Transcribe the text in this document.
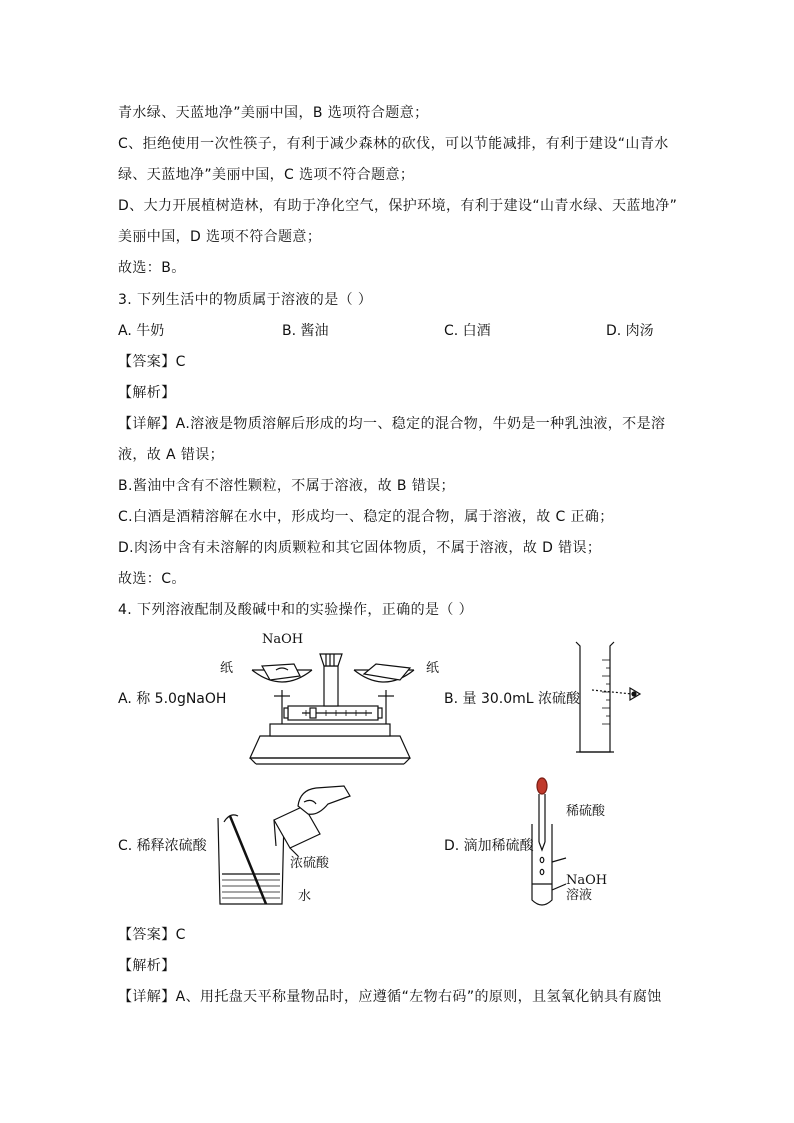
青水绿、天蓝地净”美丽中国，B 选项符合题意；
C、拒绝使用一次性筷子，有利于减少森林的砍伐，可以节能减排，有利于建设“山青水
绿、天蓝地净”美丽中国，C 选项不符合题意；
D、大力开展植树造林，有助于净化空气，保护环境，有利于建设“山青水绿、天蓝地净”
美丽中国，D 选项不符合题意；
故选：B。
3. 下列生活中的物质属于溶液的是（ ）
A. 牛奶	B. 酱油	C. 白酒	D. 肉汤
【答案】C
【解析】
【详解】A.溶液是物质溶解后形成的均一、稳定的混合物，牛奶是一种乳浊液，不是溶
液，故 A 错误；
B.酱油中含有不溶性颗粒，不属于溶液，故 B 错误；
C.白酒是酒精溶解在水中，形成均一、稳定的混合物，属于溶液，故 C 正确；
D.肉汤中含有未溶解的肉质颗粒和其它固体物质，不属于溶液，故 D 错误；
故选：C。
4. 下列溶液配制及酸碱中和的实验操作，正确的是（ ）
A. 称 5.0gNaOH	B. 量 30.0mL 浓硫酸
C. 稀释浓硫酸	D. 滴加稀硫酸
NaOH
纸	纸
浓硫酸
水
稀硫酸
NaOH
溶液
【答案】C
【解析】
【详解】A、用托盘天平称量物品时，应遵循“左物右码”的原则，且氢氧化钠具有腐蚀
